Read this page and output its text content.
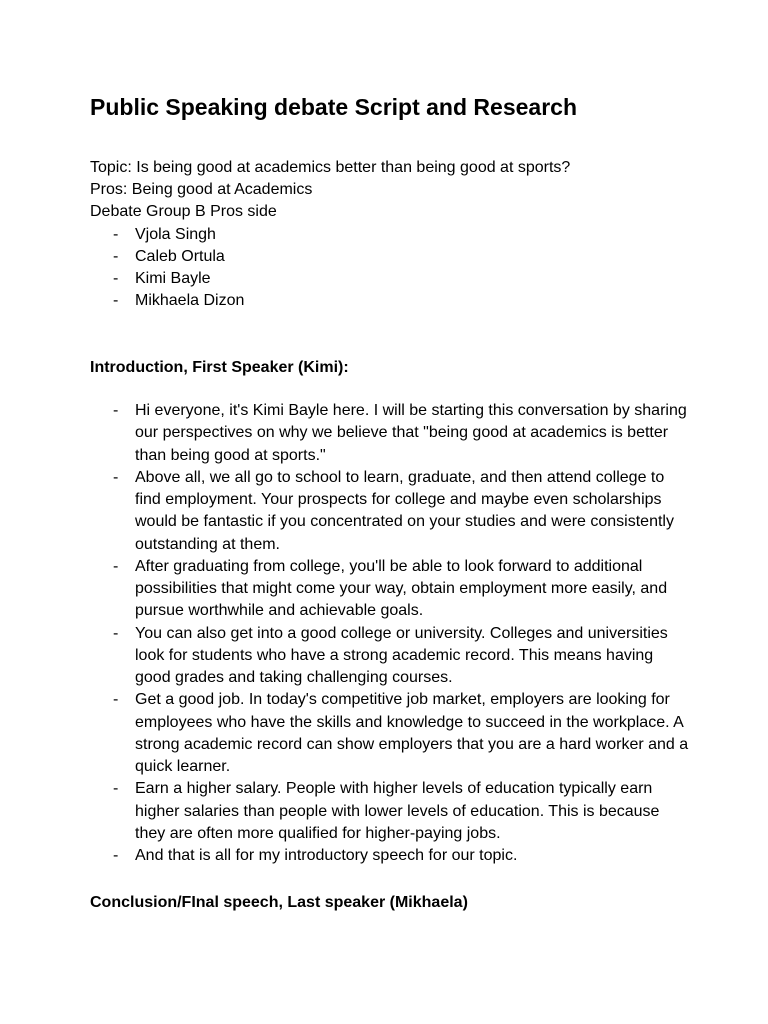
Public Speaking debate Script and Research
Topic: Is being good at academics better than being good at sports?
Pros: Being good at Academics
Debate Group B Pros side
- Vjola Singh
- Caleb Ortula
- Kimi Bayle
- Mikhaela Dizon
Introduction, First Speaker (Kimi):
- Hi everyone, it's Kimi Bayle here. I will be starting this conversation by sharing our perspectives on why we believe that "being good at academics is better than being good at sports."
- Above all, we all go to school to learn, graduate, and then attend college to find employment. Your prospects for college and maybe even scholarships would be fantastic if you concentrated on your studies and were consistently outstanding at them.
- After graduating from college, you'll be able to look forward to additional possibilities that might come your way, obtain employment more easily, and pursue worthwhile and achievable goals.
- You can also get into a good college or university. Colleges and universities look for students who have a strong academic record. This means having good grades and taking challenging courses.
- Get a good job. In today's competitive job market, employers are looking for employees who have the skills and knowledge to succeed in the workplace. A strong academic record can show employers that you are a hard worker and a quick learner.
- Earn a higher salary. People with higher levels of education typically earn higher salaries than people with lower levels of education. This is because they are often more qualified for higher-paying jobs.
- And that is all for my introductory speech for our topic.
Conclusion/FInal speech, Last speaker (Mikhaela)
